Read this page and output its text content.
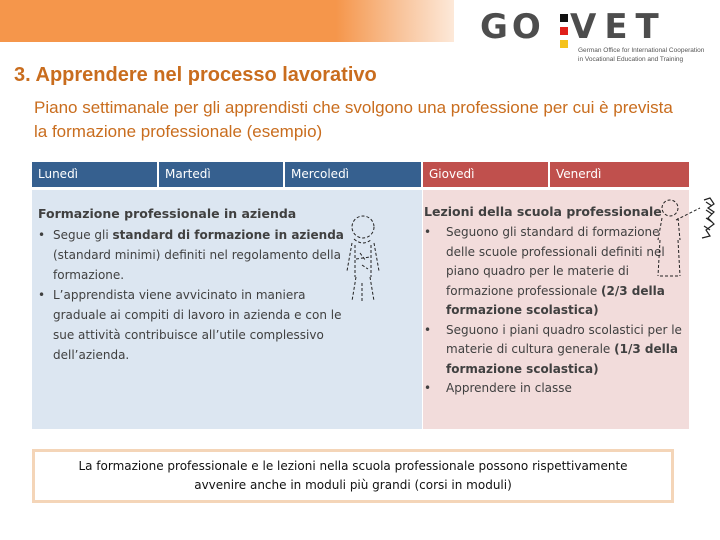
GO VET
German Office for International Cooperation
in Vocational Education and Training
3. Apprendere nel processo lavorativo
Piano settimanale per gli apprendisti che svolgono una professione per cui è prevista la formazione professionale (esempio)
Lunedì	Martedì	Mercoledì	Giovedì	Venerdì
Formazione professionale in azienda
• Segue gli standard di formazione in azienda (standard minimi) definiti nel regolamento della formazione.
• L’apprendista viene avvicinato in maniera graduale ai compiti di lavoro in azienda e con le sue attività contribuisce all’utile complessivo dell’azienda.
Lezioni della scuola professionale
• Seguono gli standard di formazione delle scuole professionali definiti nel piano quadro per le materie di formazione professionale (2/3 della formazione scolastica)
• Seguono i piani quadro scolastici per le materie di cultura generale (1/3 della formazione scolastica)
• Apprendere in classe
La formazione professionale e le lezioni nella scuola professionale possono rispettivamente avvenire anche in moduli più grandi (corsi in moduli)
